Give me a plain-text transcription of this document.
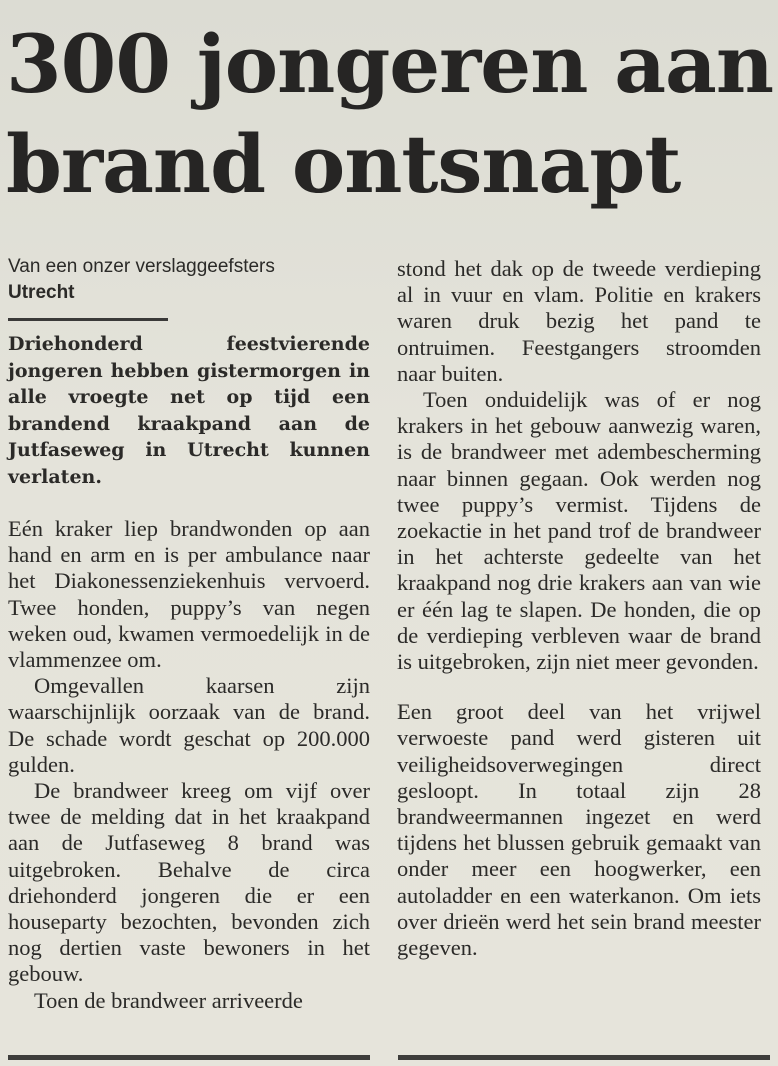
300 jongeren aan
brand ontsnapt
Van een onzer verslaggeefsters
Utrecht

Driehonderd feestvierende jongeren hebben gistermorgen in alle vroegte net op tijd een brandend kraakpand aan de Jutfaseweg in Utrecht kunnen verlaten.

Eén kraker liep brandwonden op aan hand en arm en is per ambulance naar het Diakonessenziekenhuis vervoerd. Twee honden, puppy’s van negen weken oud, kwamen vermoedelijk in de vlammenzee om.

Omgevallen kaarsen zijn waarschijnlijk oorzaak van de brand. De schade wordt geschat op 200.000 gulden.

De brandweer kreeg om vijf over twee de melding dat in het kraakpand aan de Jutfaseweg 8 brand was uitgebroken. Behalve de circa driehonderd jongeren die er een houseparty bezochten, bevonden zich nog dertien vaste bewoners in het gebouw.

Toen de brandweer arriveerde

stond het dak op de tweede verdieping al in vuur en vlam. Politie en krakers waren druk bezig het pand te ontruimen. Feestgangers stroomden naar buiten.

Toen onduidelijk was of er nog krakers in het gebouw aanwezig waren, is de brandweer met adembescherming naar binnen gegaan. Ook werden nog twee puppy’s vermist. Tijdens de zoekactie in het pand trof de brandweer in het achterste gedeelte van het kraakpand nog drie krakers aan van wie er één lag te slapen. De honden, die op de verdieping verbleven waar de brand is uitgebroken, zijn niet meer gevonden.

Een groot deel van het vrijwel verwoeste pand werd gisteren uit veiligheidsoverwegingen direct gesloopt. In totaal zijn 28 brandweermannen ingezet en werd tijdens het blussen gebruik gemaakt van onder meer een hoogwerker, een autoladder en een waterkanon. Om iets over drieën werd het sein brand meester gegeven.
